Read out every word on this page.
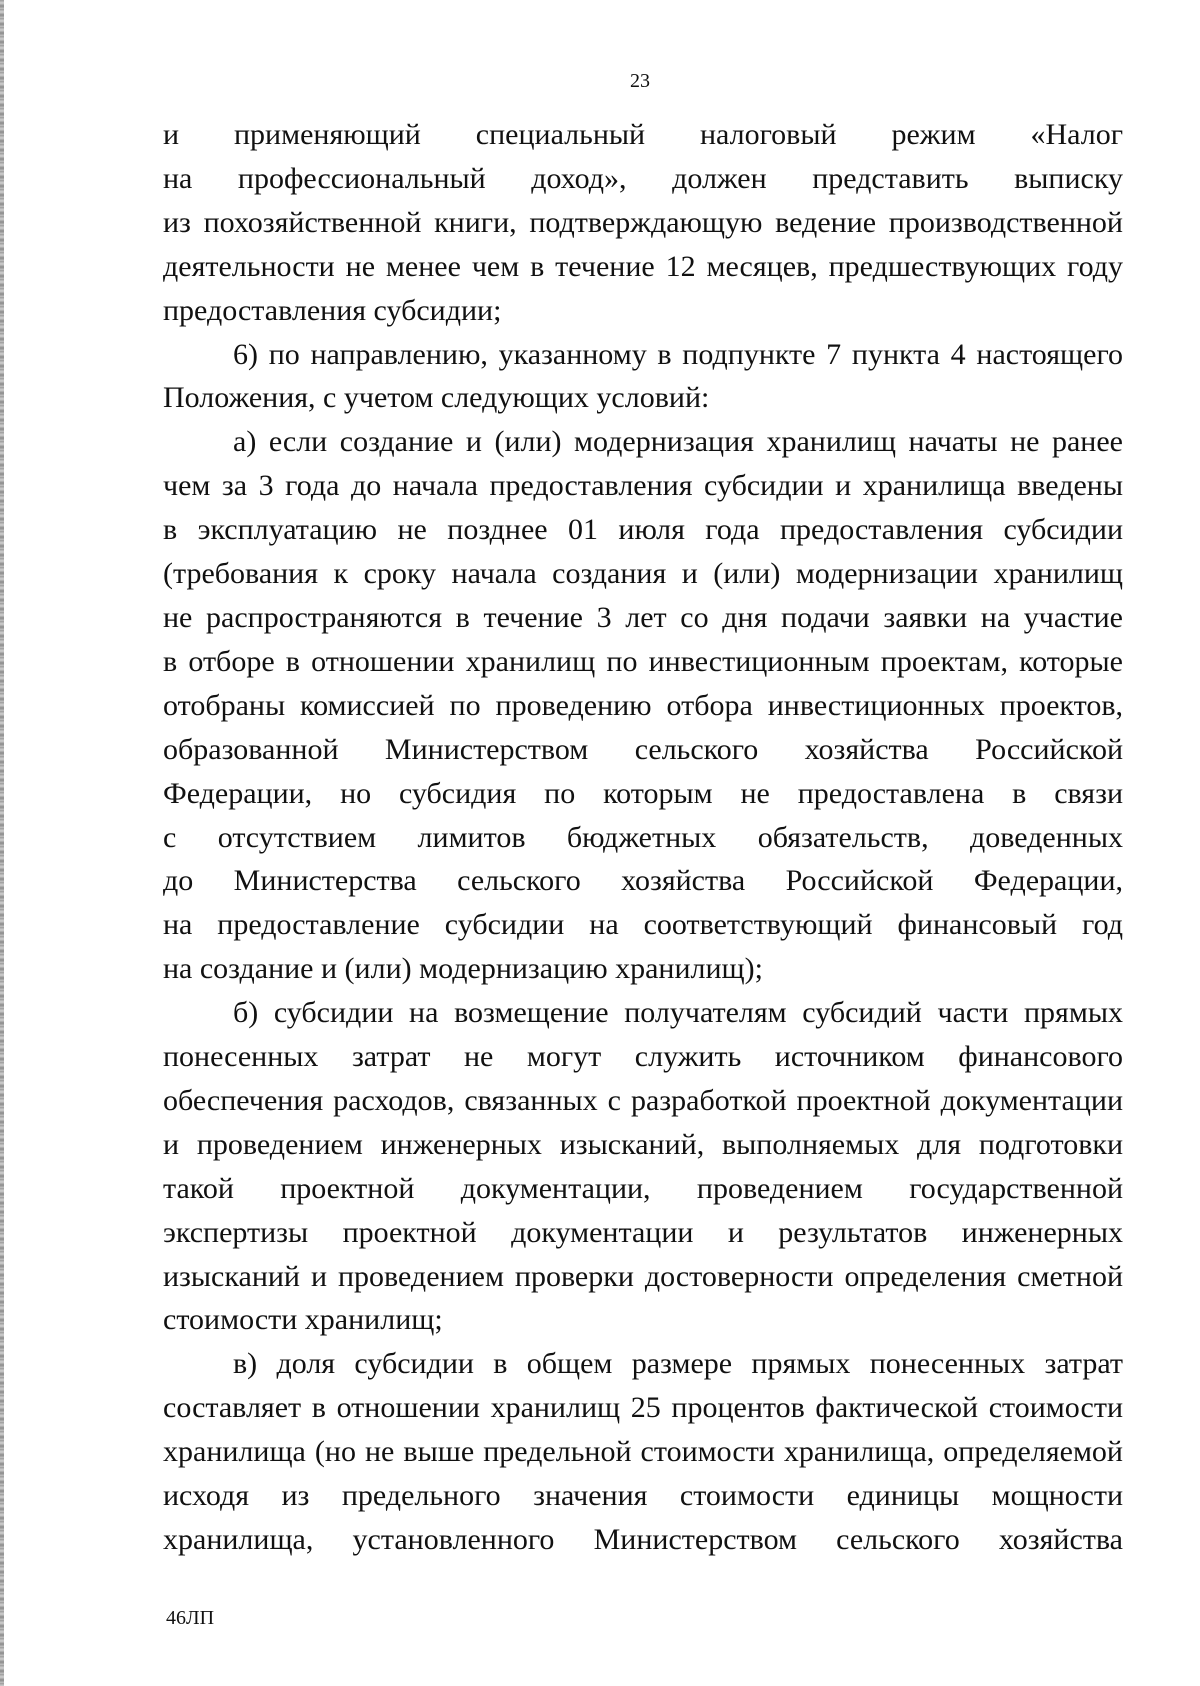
23

и применяющий специальный налоговый режим «Налог
на профессиональный доход», должен представить выписку
из похозяйственной книги, подтверждающую ведение производственной
деятельности не менее чем в течение 12 месяцев, предшествующих году
предоставления субсидии;

6) по направлению, указанному в подпункте 7 пункта 4 настоящего
Положения, с учетом следующих условий:

а) если создание и (или) модернизация хранилищ начаты не ранее
чем за 3 года до начала предоставления субсидии и хранилища введены
в эксплуатацию не позднее 01 июля года предоставления субсидии
(требования к сроку начала создания и (или) модернизации хранилищ
не распространяются в течение 3 лет со дня подачи заявки на участие
в отборе в отношении хранилищ по инвестиционным проектам, которые
отобраны комиссией по проведению отбора инвестиционных проектов,
образованной Министерством сельского хозяйства Российской
Федерации, но субсидия по которым не предоставлена в связи
с отсутствием лимитов бюджетных обязательств, доведенных
до Министерства сельского хозяйства Российской Федерации,
на предоставление субсидии на соответствующий финансовый год
на создание и (или) модернизацию хранилищ);

б) субсидии на возмещение получателям субсидий части прямых
понесенных затрат не могут служить источником финансового
обеспечения расходов, связанных с разработкой проектной документации
и проведением инженерных изысканий, выполняемых для подготовки
такой проектной документации, проведением государственной
экспертизы проектной документации и результатов инженерных
изысканий и проведением проверки достоверности определения сметной
стоимости хранилищ;

в) доля субсидии в общем размере прямых понесенных затрат
составляет в отношении хранилищ 25 процентов фактической стоимости
хранилища (но не выше предельной стоимости хранилища, определяемой
исходя из предельного значения стоимости единицы мощности
хранилища, установленного Министерством сельского хозяйства

46ЛП
